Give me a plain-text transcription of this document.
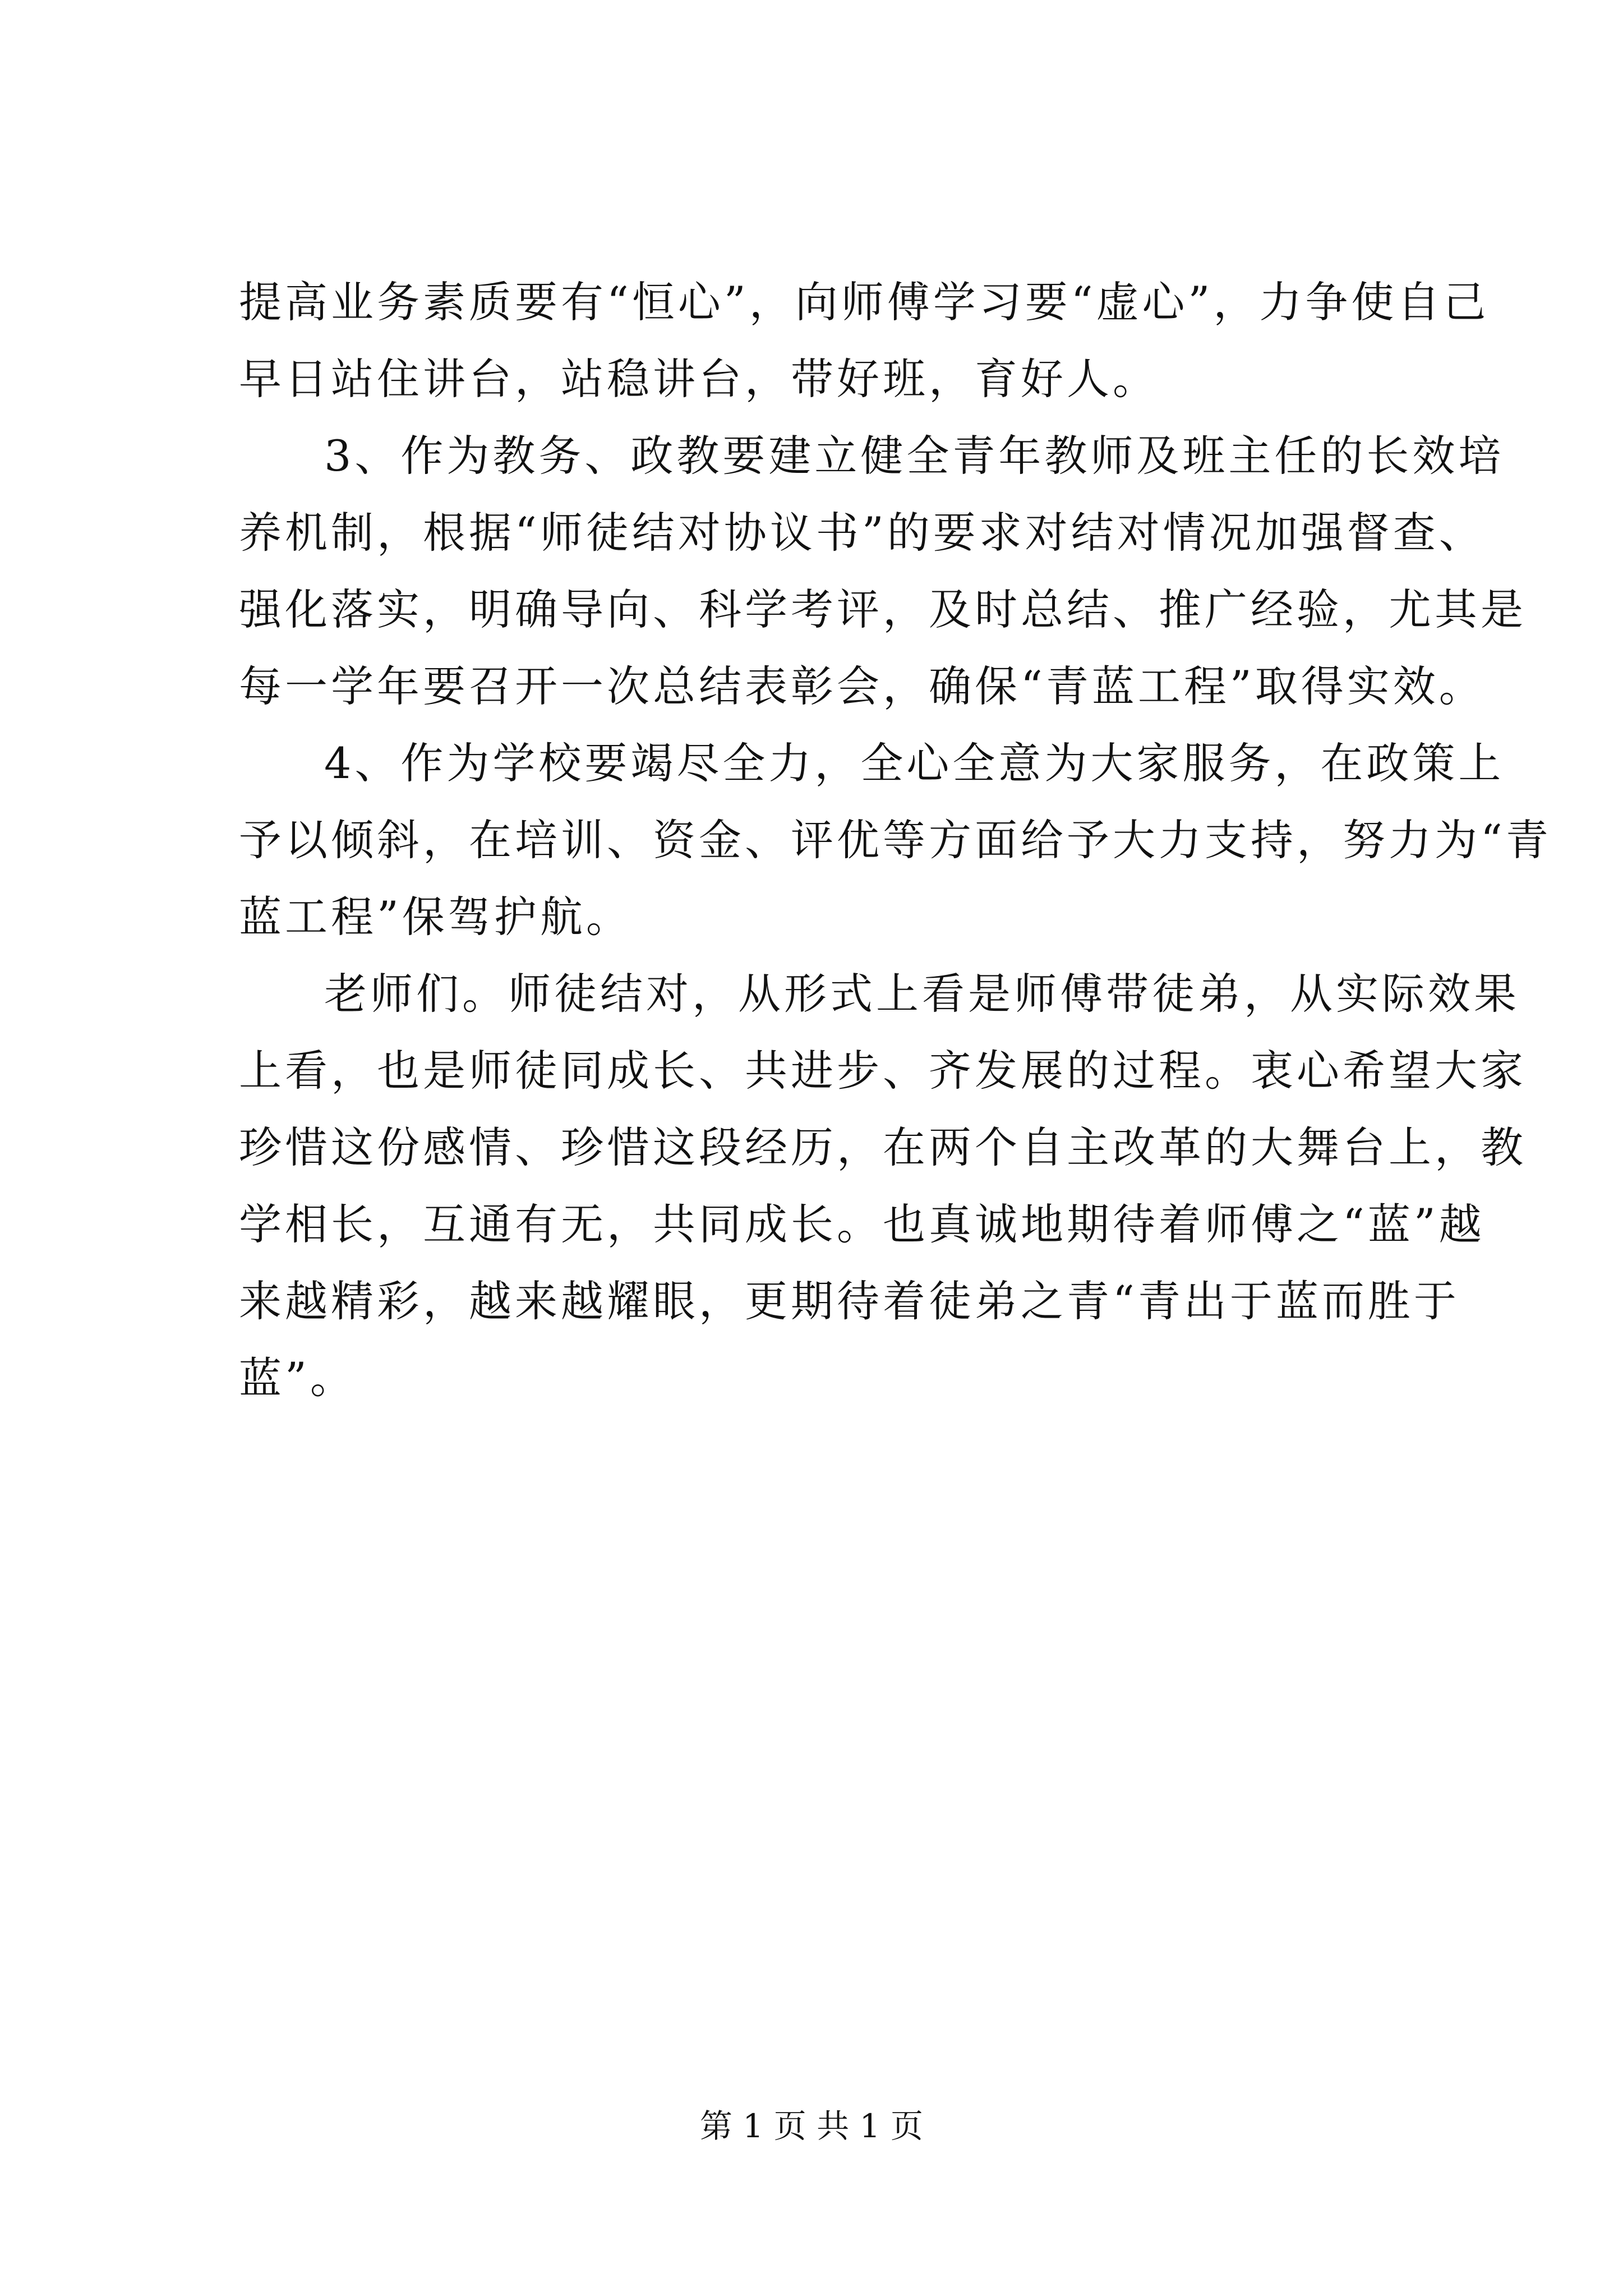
提高业务素质要有“恒心”，向师傅学习要“虚心”，力争使自己
早日站住讲台，站稳讲台，带好班，育好人。
3、作为教务、政教要建立健全青年教师及班主任的长效培
养机制，根据“师徒结对协议书”的要求对结对情况加强督查、
强化落实，明确导向、科学考评，及时总结、推广经验，尤其是
每一学年要召开一次总结表彰会，确保“青蓝工程”取得实效。
4、作为学校要竭尽全力，全心全意为大家服务，在政策上
予以倾斜，在培训、资金、评优等方面给予大力支持，努力为“青
蓝工程”保驾护航。
老师们。师徒结对，从形式上看是师傅带徒弟，从实际效果
上看，也是师徒同成长、共进步、齐发展的过程。衷心希望大家
珍惜这份感情、珍惜这段经历，在两个自主改革的大舞台上，教
学相长，互通有无，共同成长。也真诚地期待着师傅之“蓝”越
来越精彩，越来越耀眼，更期待着徒弟之青“青出于蓝而胜于
蓝”。
第 1 页 共 1 页
